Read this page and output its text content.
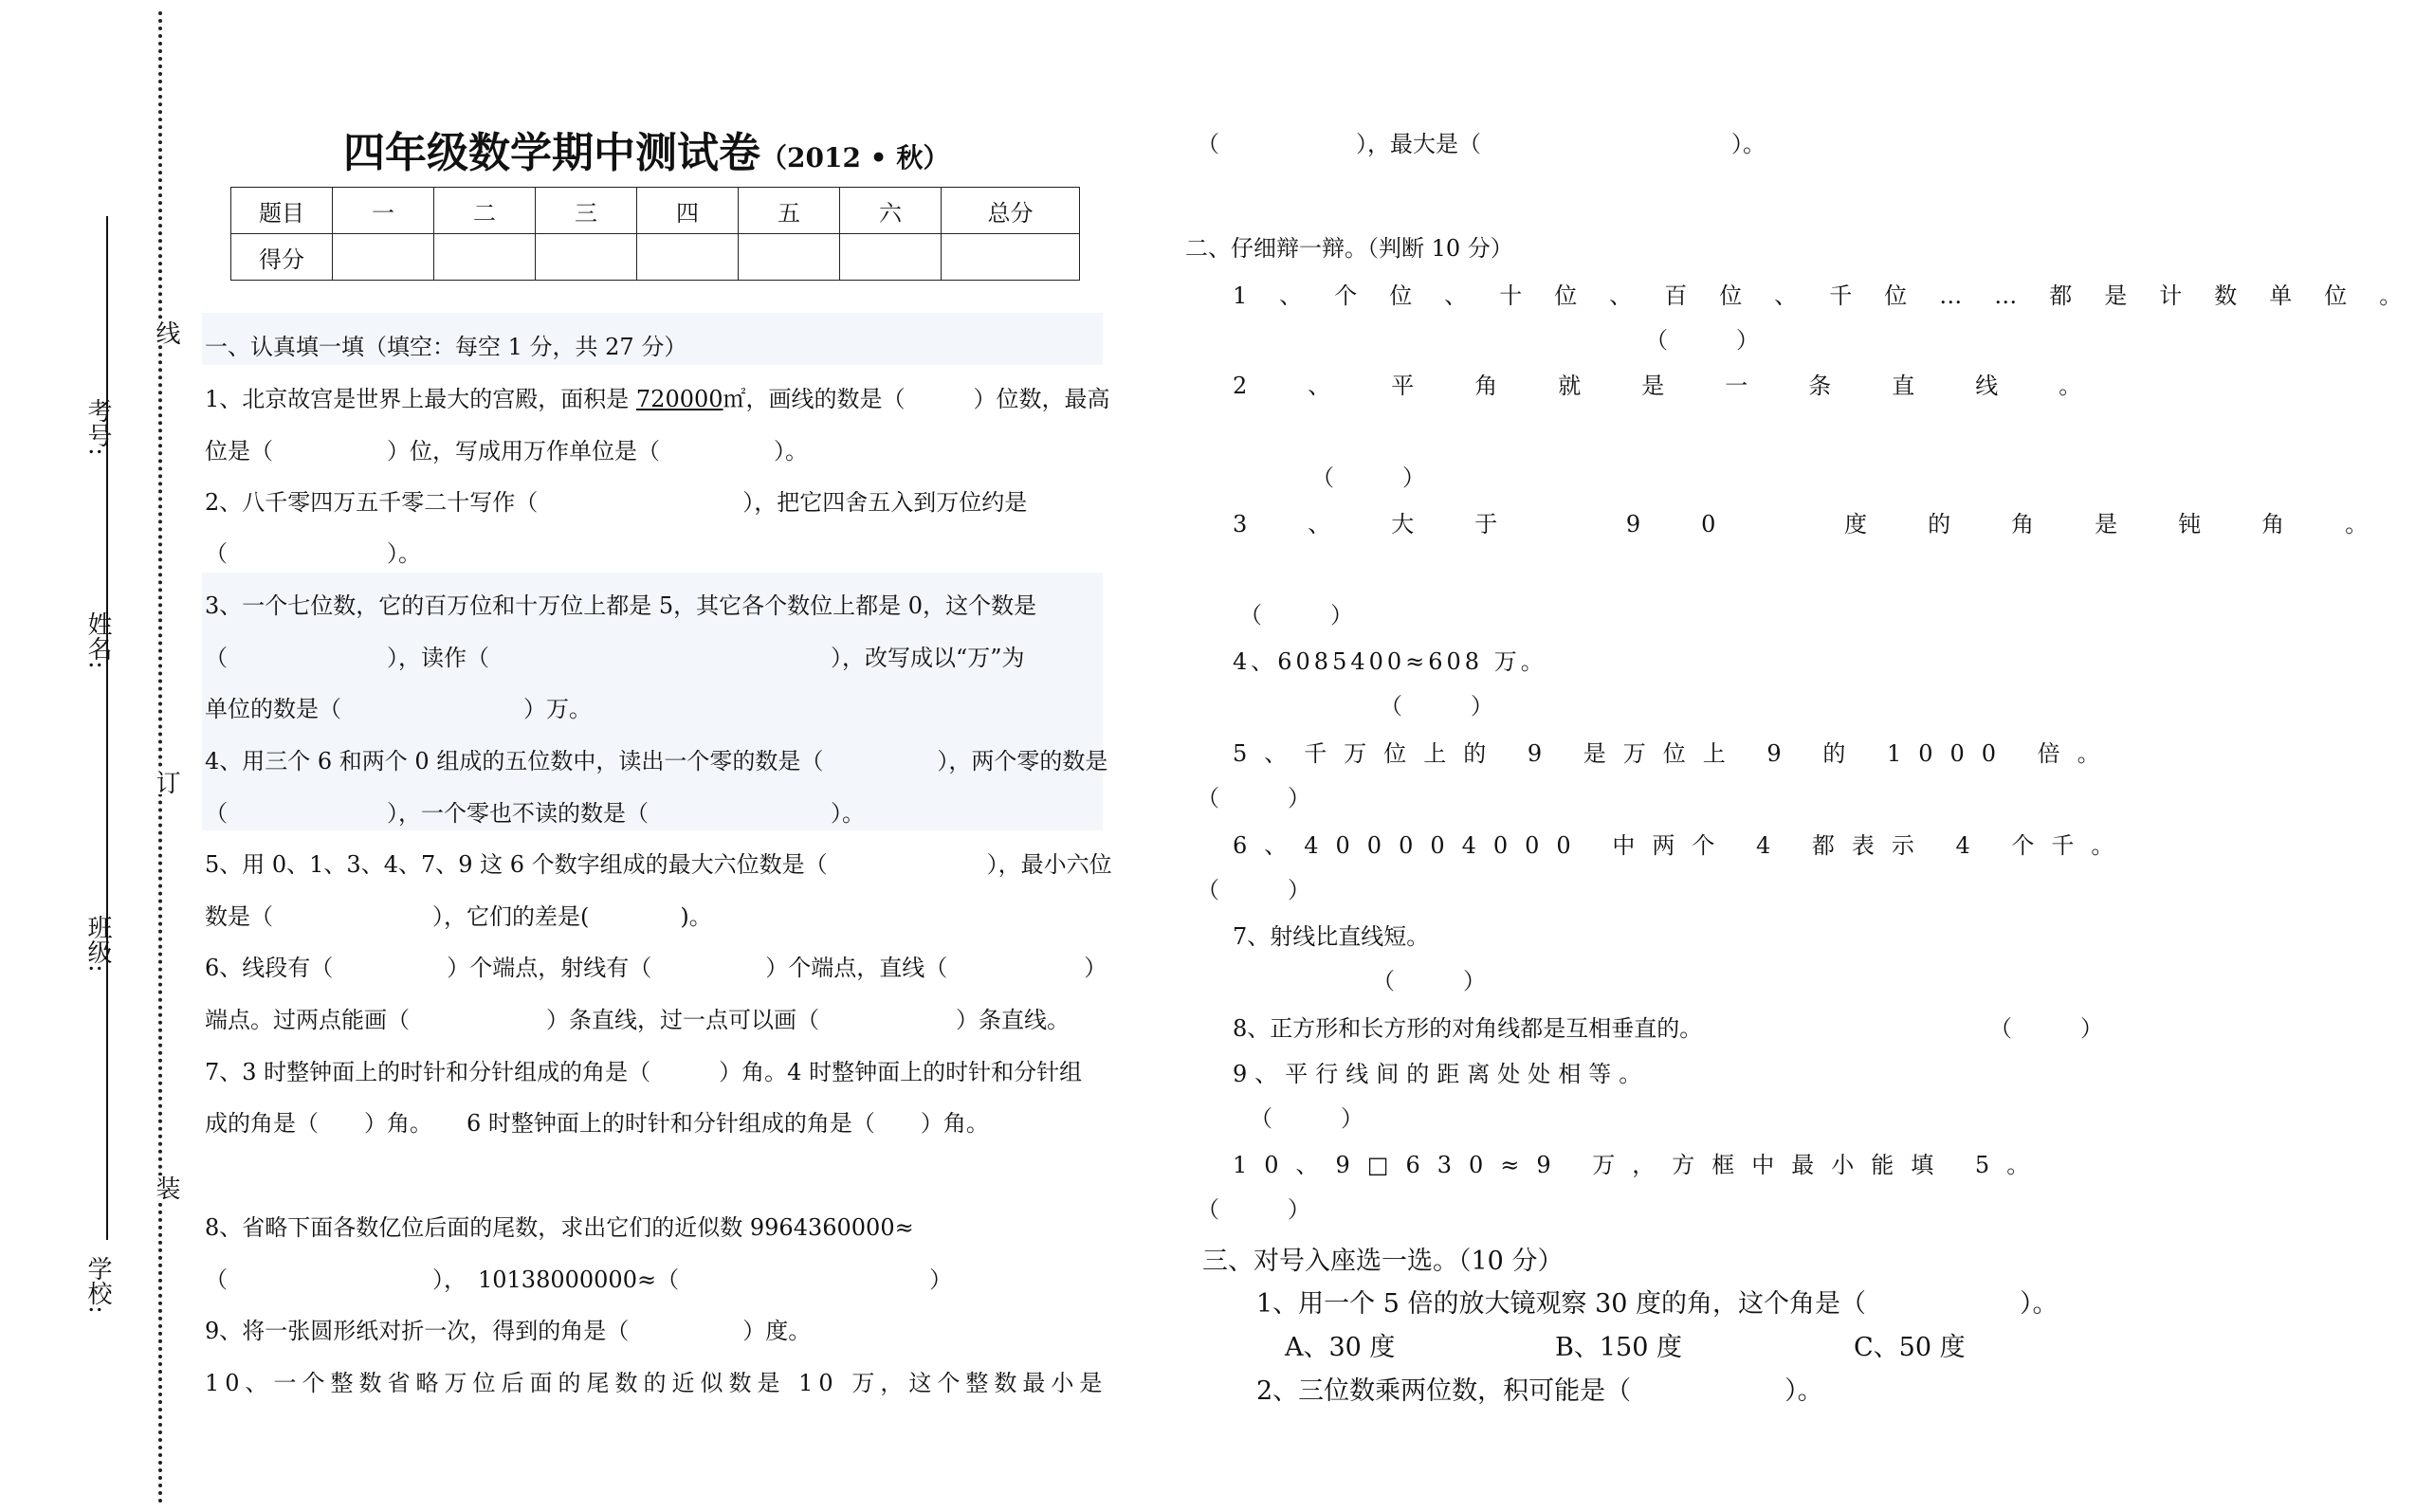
考号:
姓名:
班级:
学校:
线
订
装
四年级数学期中测试卷（2012 • 秋）
题目	一	二	三	四	五	六	总分
得分							
一、认真填一填（填空：每空 1 分，共 27 分）
1、北京故宫是世界上最大的宫殿，面积是 720000㎡，画线的数是（　　　）位数，最高
位是（　　　　　）位，写成用万作单位是（　　　　　）。
2、八千零四万五千零二十写作（　　　　　　　　　），把它四舍五入到万位约是
（　　　　　　　）。
3、一个七位数，它的百万位和十万位上都是 5，其它各个数位上都是 0，这个数是
（　　　　　　　），读作（　　　　　　　　　　　　　　　），改写成以“万”为
单位的数是（　　　　　　　　）万。
4、用三个 6 和两个 0 组成的五位数中，读出一个零的数是（　　　　　），两个零的数是
（　　　　　　　），一个零也不读的数是（　　　　　　　　）。
5、用 0、1、3、4、7、9 这 6 个数字组成的最大六位数是（　　　　　　　），最小六位
数是（　　　　　　　），它们的差是(　　　　)。
6、线段有（　　　　　）个端点，射线有（　　　　　）个端点，直线（　　　　　　）
端点。过两点能画（　　　　　　）条直线，过一点可以画（　　　　　　）条直线。
7、3 时整钟面上的时针和分针组成的角是（　　　）角。4 时整钟面上的时针和分针组
成的角是（　　）角。　　6 时整钟面上的时针和分针组成的角是（　　）角。
8、省略下面各数亿位后面的尾数，求出它们的近似数 9964360000≈
（　　　　　　　　　），　10138000000≈（　　　　　　　　　　　）
9、将一张圆形纸对折一次，得到的角是（　　　　　）度。
10、一个整数省略万位后面的尾数的近似数是 10 万，这个整数最小是
（　　　　　　），最大是（　　　　　　　　　　　）。
二、仔细辩一辩。（判断 10 分）
1、个位、十位、百位、千位……都是计数单位。
（　　　）
2、平角就是一条直线。
（　　　）
3、大于 90 度的角是钝角。
（　　　）
4、6085400≈608 万。
（　　　）
5、千万位上的 9 是万位上 9 的 1000 倍。
（　　　）
6、400004000 中两个 4 都表示 4 个千。
（　　　）
7、射线比直线短。
（　　　）
8、正方形和长方形的对角线都是互相垂直的。	（　　　）
9、平行线间的距离处处相等。
（　　　）
10、9□630≈9 万，方框中最小能填 5。
（　　　）
三、对号入座选一选。（10 分）
1、用一个 5 倍的放大镜观察 30 度的角，这个角是（　　　　　　）。
A、30 度	B、150 度	C、50 度
2、三位数乘两位数，积可能是（　　　　　　）。
